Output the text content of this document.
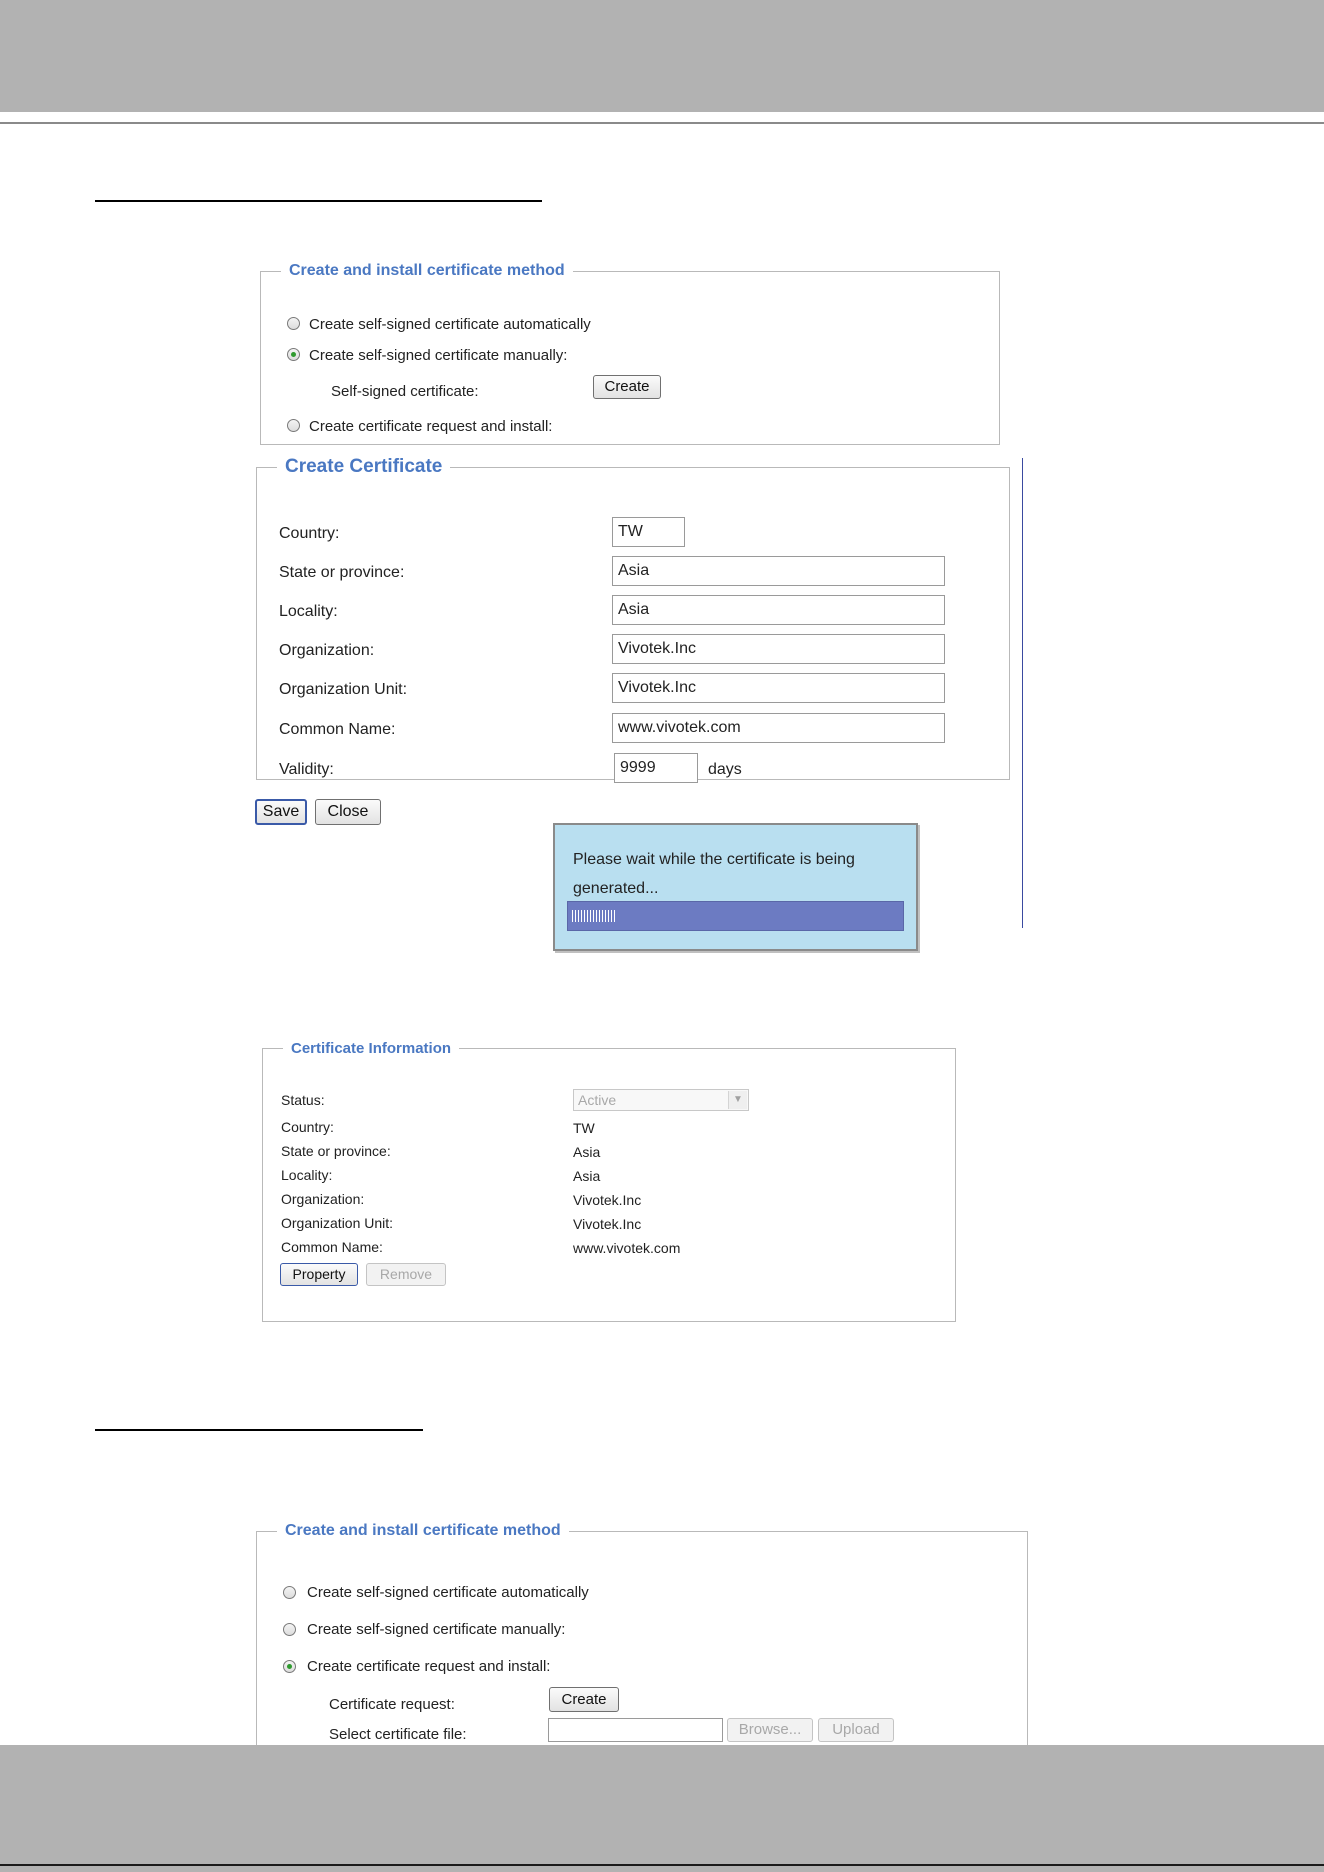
Create and install certificate method
Create self-signed certificate automatically
Create self-signed certificate manually:
Self-signed certificate:	Create
Create certificate request and install:
Create Certificate
Country:	TW
State or province:	Asia
Locality:	Asia
Organization:	Vivotek.Inc
Organization Unit:	Vivotek.Inc
Common Name:	www.vivotek.com
Validity:	9999	days
Save	Close
Please wait while the certificate is being generated...
Certificate Information
Status:	Active	▼
Country:	TW
State or province:	Asia
Locality:	Asia
Organization:	Vivotek.Inc
Organization Unit:	Vivotek.Inc
Common Name:	www.vivotek.com
Property	Remove
Create and install certificate method
Create self-signed certificate automatically
Create self-signed certificate manually:
Create certificate request and install:
Certificate request:	Create
Select certificate file:	Browse...	Upload
